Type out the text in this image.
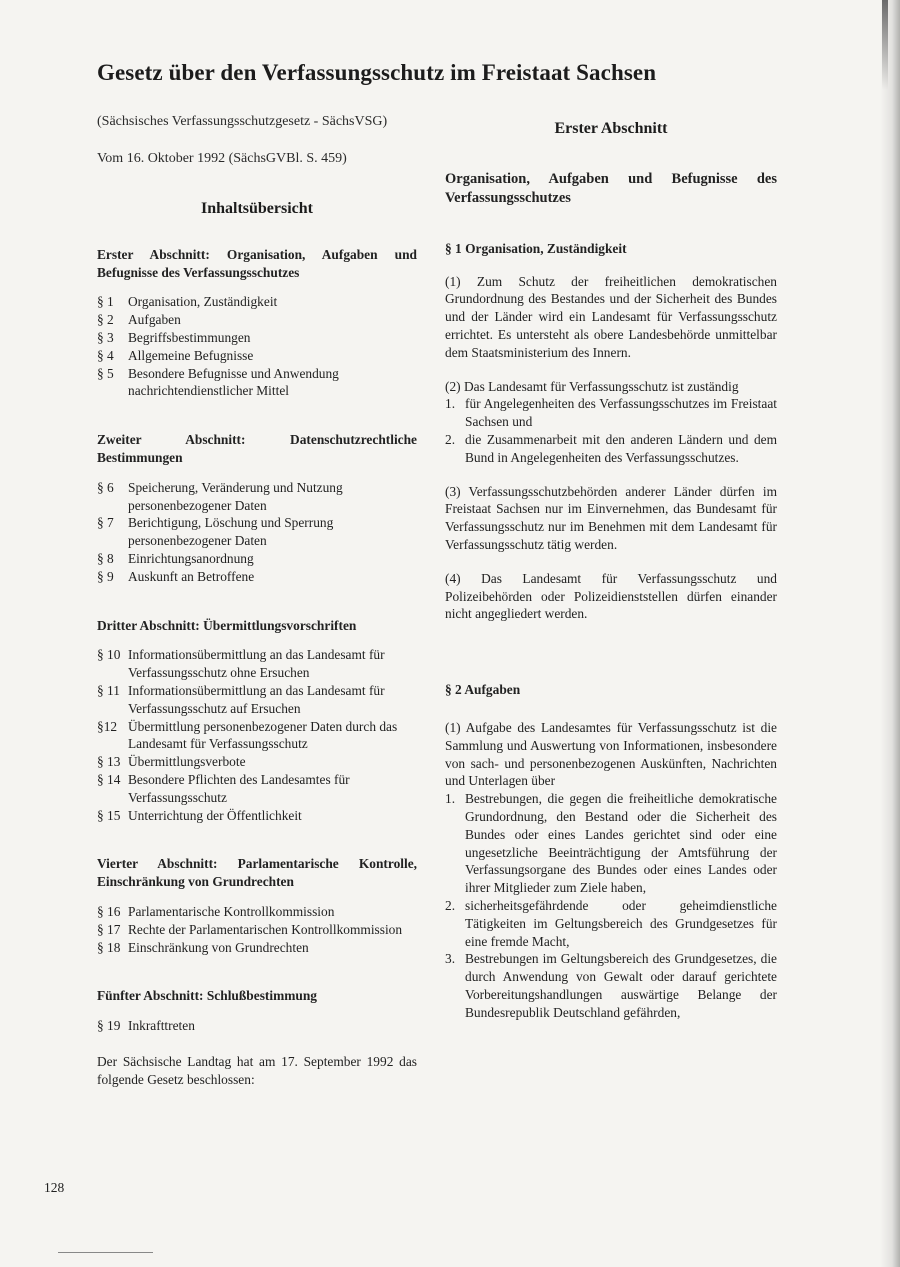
Gesetz über den Verfassungsschutz im Freistaat Sachsen
(Sächsisches Verfassungsschutzgesetz - SächsVSG)
Vom 16. Oktober 1992 (SächsGVBl. S. 459)
Inhaltsübersicht
Erster Abschnitt: Organisation, Aufgaben und Befugnisse des Verfassungsschutzes
§ 1	Organisation, Zuständigkeit
§ 2	Aufgaben
§ 3	Begriffsbestimmungen
§ 4	Allgemeine Befugnisse
§ 5	Besondere Befugnisse und Anwendung nachrichtendienstlicher Mittel
Zweiter Abschnitt: Datenschutzrechtliche Bestimmungen
§ 6	Speicherung, Veränderung und Nutzung personenbezogener Daten
§ 7	Berichtigung, Löschung und Sperrung personenbezogener Daten
§ 8	Einrichtungsanordnung
§ 9	Auskunft an Betroffene
Dritter Abschnitt: Übermittlungsvorschriften
§ 10 Informationsübermittlung an das Landesamt für Verfassungsschutz ohne Ersuchen
§ 11 Informationsübermittlung an das Landesamt für Verfassungsschutz auf Ersuchen
§12 Übermittlung personenbezogener Daten durch das Landesamt für Verfassungsschutz
§ 13 Übermittlungsverbote
§ 14 Besondere Pflichten des Landesamtes für Verfassungsschutz
§ 15 Unterrichtung der Öffentlichkeit
Vierter Abschnitt: Parlamentarische Kontrolle, Einschränkung von Grundrechten
§ 16 Parlamentarische Kontrollkommission
§ 17 Rechte der Parlamentarischen Kontrollkommission
§ 18 Einschränkung von Grundrechten
Fünfter Abschnitt: Schlußbestimmung
§ 19 Inkrafttreten

Der Sächsische Landtag hat am 17. September 1992 das folgende Gesetz beschlossen:

Erster Abschnitt
Organisation, Aufgaben und Befugnisse des Verfassungsschutzes
§ 1 Organisation, Zuständigkeit

(1) Zum Schutz der freiheitlichen demokratischen Grundordnung des Bestandes und der Sicherheit des Bundes und der Länder wird ein Landesamt für Verfassungsschutz errichtet. Es untersteht als obere Landesbehörde unmittelbar dem Staatsministerium des Innern.

(2) Das Landesamt für Verfassungsschutz ist zuständig

1. für Angelegenheiten des Verfassungsschutzes im Freistaat Sachsen und
2. die Zusammenarbeit mit den anderen Ländern und dem Bund in Angelegenheiten des Verfassungsschutzes.

(3) Verfassungsschutzbehörden anderer Länder dürfen im Freistaat Sachsen nur im Einvernehmen, das Bundesamt für Verfassungsschutz nur im Benehmen mit dem Landesamt für Verfassungsschutz tätig werden.

(4) Das Landesamt für Verfassungsschutz und Polizeibehörden oder Polizeidienststellen dürfen einander nicht angegliedert werden.

§ 2 Aufgaben

(1) Aufgabe des Landesamtes für Verfassungsschutz ist die Sammlung und Auswertung von Informationen, insbesondere von sach- und personenbezogenen Auskünften, Nachrichten und Unterlagen über

1. Bestrebungen, die gegen die freiheitliche demokratische Grundordnung, den Bestand oder die Sicherheit des Bundes oder eines Landes gerichtet sind oder eine ungesetzliche Beeinträchtigung der Amtsführung der Verfassungsorgane des Bundes oder eines Landes oder ihrer Mitglieder zum Ziele haben,
2. sicherheitsgefährdende oder geheimdienstliche Tätigkeiten im Geltungsbereich des Grundgesetzes für eine fremde Macht,
3. Bestrebungen im Geltungsbereich des Grundgesetzes, die durch Anwendung von Gewalt oder darauf gerichtete Vorbereitungshandlungen auswärtige Belange der Bundesrepublik Deutschland gefährden,
128
